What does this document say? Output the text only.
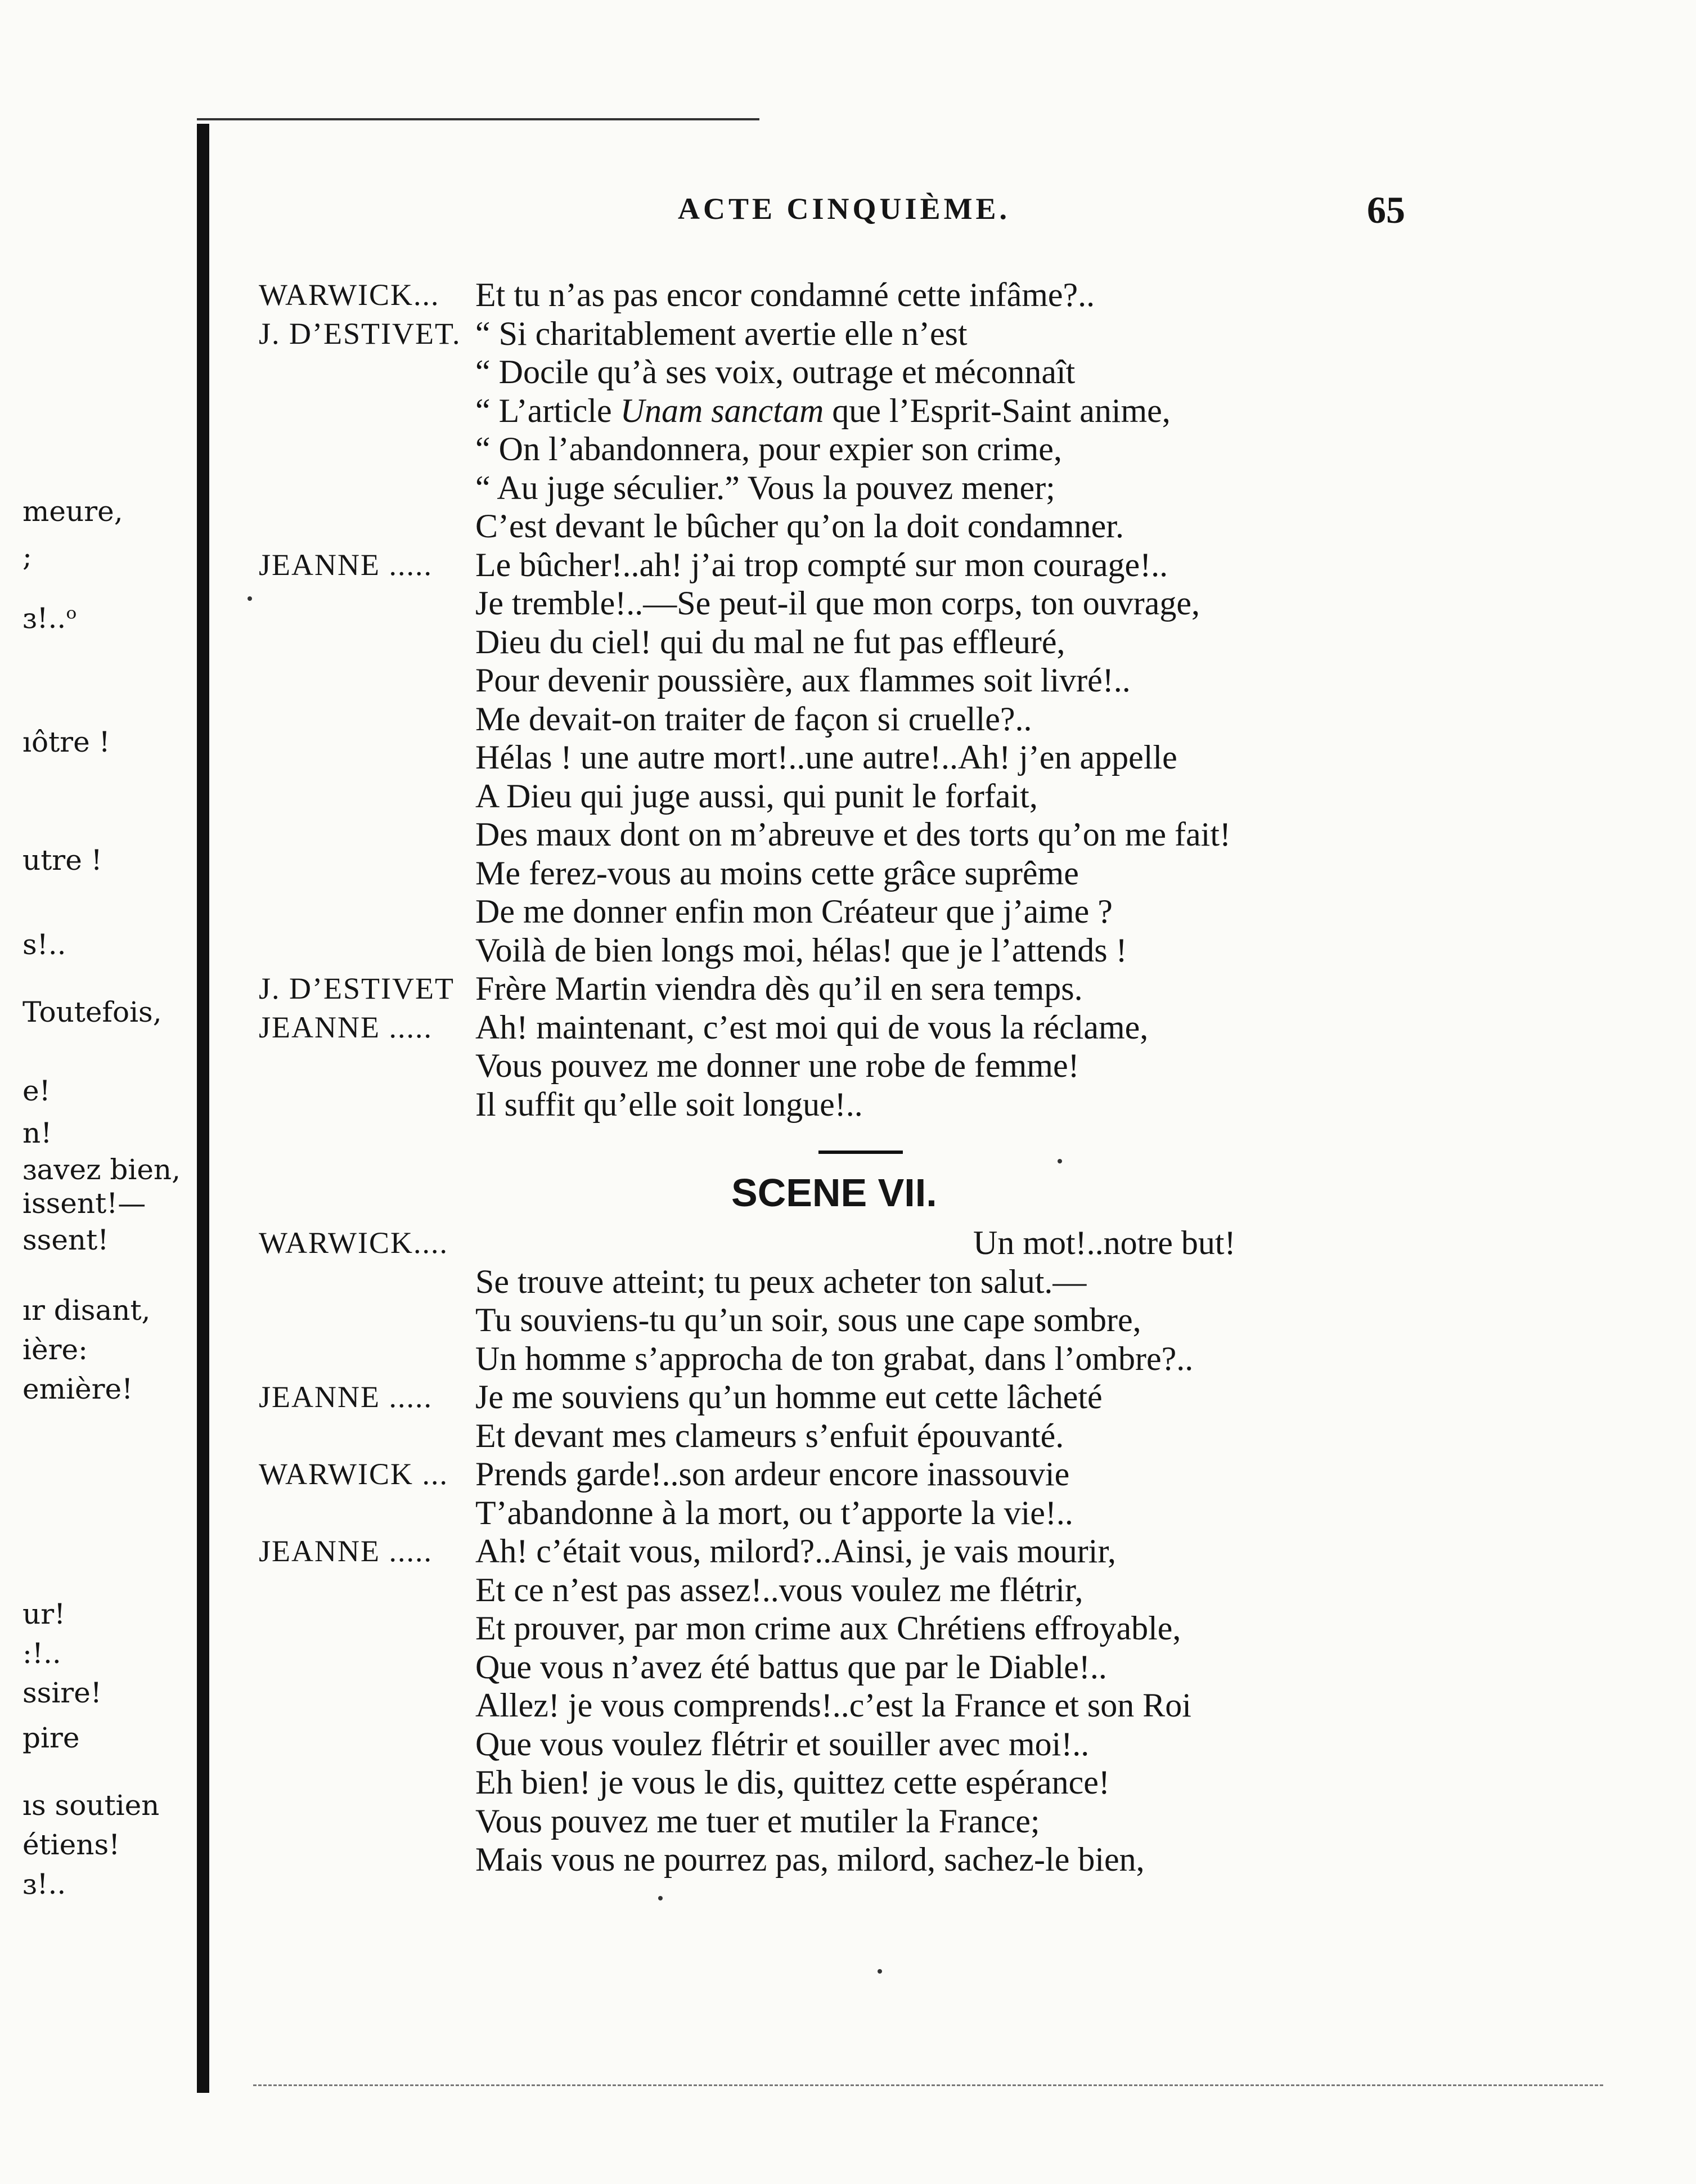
meure,
;
ɜ!..ᵒ
ıôtre !
utre !
s!..
Toutefois,
e!
n!
ɜavez bien,
issent!—
ssent!
ır disant,
ière:
emière!
ur!
:!..
ssire!
pire
ıs soutien
étiens!
ɜ!..
ACTE CINQUIÈME.	65
WARWICK... Et tu n’as pas encor condamné cette infâme?..
J. D’ESTIVET. “ Si charitablement avertie elle n’est
“ Docile qu’à ses voix, outrage et méconnaît
“ L’article Unam sanctam que l’Esprit-Saint anime,
“ On l’abandonnera, pour expier son crime,
“ Au juge séculier.” Vous la pouvez mener;
C’est devant le bûcher qu’on la doit condamner.
JEANNE ..... Le bûcher!..ah! j’ai trop compté sur mon courage!..
Je tremble!..—Se peut-il que mon corps, ton ouvrage,
Dieu du ciel! qui du mal ne fut pas effleuré,
Pour devenir poussière, aux flammes soit livré!..
Me devait-on traiter de façon si cruelle?..
Hélas ! une autre mort!..une autre!..Ah! j’en appelle
A Dieu qui juge aussi, qui punit le forfait,
Des maux dont on m’abreuve et des torts qu’on me fait!
Me ferez-vous au moins cette grâce suprême
De me donner enfin mon Créateur que j’aime ?
Voilà de bien longs moi, hélas! que je l’attends !
J. D’ESTIVET Frère Martin viendra dès qu’il en sera temps.
JEANNE ..... Ah! maintenant, c’est moi qui de vous la réclame,
Vous pouvez me donner une robe de femme!
Il suffit qu’elle soit longue!..
SCENE VII.
WARWICK....	Un mot!..notre but!
Se trouve atteint; tu peux acheter ton salut.—
Tu souviens-tu qu’un soir, sous une cape sombre,
Un homme s’approcha de ton grabat, dans l’ombre?..
JEANNE ..... Je me souviens qu’un homme eut cette lâcheté
Et devant mes clameurs s’enfuit épouvanté.
WARWICK ... Prends garde!..son ardeur encore inassouvie
T’abandonne à la mort, ou t’apporte la vie!..
JEANNE ..... Ah! c’était vous, milord?..Ainsi, je vais mourir,
Et ce n’est pas assez!..vous voulez me flétrir,
Et prouver, par mon crime aux Chrétiens effroyable,
Que vous n’avez été battus que par le Diable!..
Allez! je vous comprends!..c’est la France et son Roi
Que vous voulez flétrir et souiller avec moi!..
Eh bien! je vous le dis, quittez cette espérance!
Vous pouvez me tuer et mutiler la France;
Mais vous ne pourrez pas, milord, sachez-le bien,
